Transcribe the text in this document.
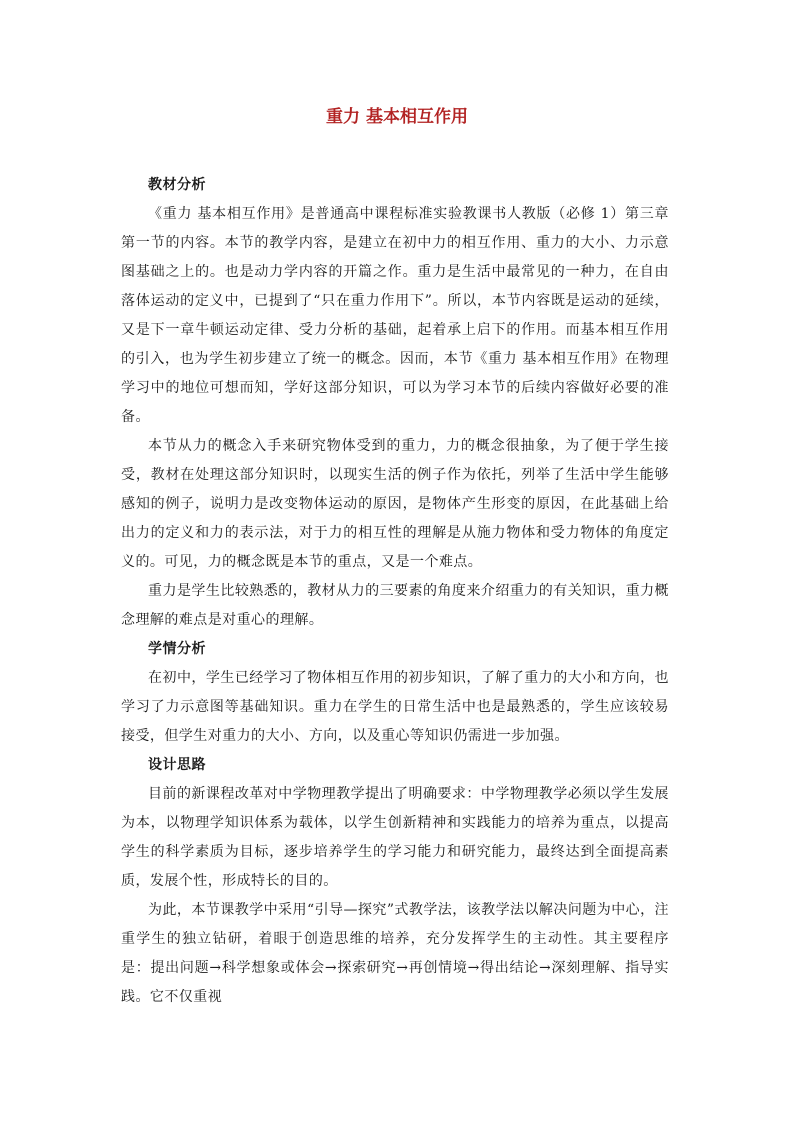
重力 基本相互作用
教材分析

《重力 基本相互作用》是普通高中课程标准实验教课书人教版（必修 1）第三章第一节的内容。本节的教学内容，是建立在初中力的相互作用、重力的大小、力示意图基础之上的。也是动力学内容的开篇之作。重力是生活中最常见的一种力，在自由落体运动的定义中，已提到了“只在重力作用下”。所以，本节内容既是运动的延续，又是下一章牛顿运动定律、受力分析的基础，起着承上启下的作用。而基本相互作用的引入，也为学生初步建立了统一的概念。因而，本节《重力 基本相互作用》在物理学习中的地位可想而知，学好这部分知识，可以为学习本节的后续内容做好必要的准备。

本节从力的概念入手来研究物体受到的重力，力的概念很抽象，为了便于学生接受，教材在处理这部分知识时，以现实生活的例子作为依托，列举了生活中学生能够感知的例子，说明力是改变物体运动的原因，是物体产生形变的原因，在此基础上给出力的定义和力的表示法，对于力的相互性的理解是从施力物体和受力物体的角度定义的。可见，力的概念既是本节的重点，又是一个难点。

重力是学生比较熟悉的，教材从力的三要素的角度来介绍重力的有关知识，重力概念理解的难点是对重心的理解。

学情分析

在初中，学生已经学习了物体相互作用的初步知识，了解了重力的大小和方向，也学习了力示意图等基础知识。重力在学生的日常生活中也是最熟悉的，学生应该较易接受，但学生对重力的大小、方向，以及重心等知识仍需进一步加强。

设计思路

目前的新课程改革对中学物理教学提出了明确要求：中学物理教学必须以学生发展为本，以物理学知识体系为载体，以学生创新精神和实践能力的培养为重点，以提高学生的科学素质为目标，逐步培养学生的学习能力和研究能力，最终达到全面提高素质，发展个性，形成特长的目的。

为此，本节课教学中采用“引导—探究”式教学法，该教学法以解决问题为中心，注重学生的独立钻研，着眼于创造思维的培养，充分发挥学生的主动性。其主要程序是：提出问题→科学想象或体会→探索研究→再创情境→得出结论→深刻理解、指导实践。它不仅重视
